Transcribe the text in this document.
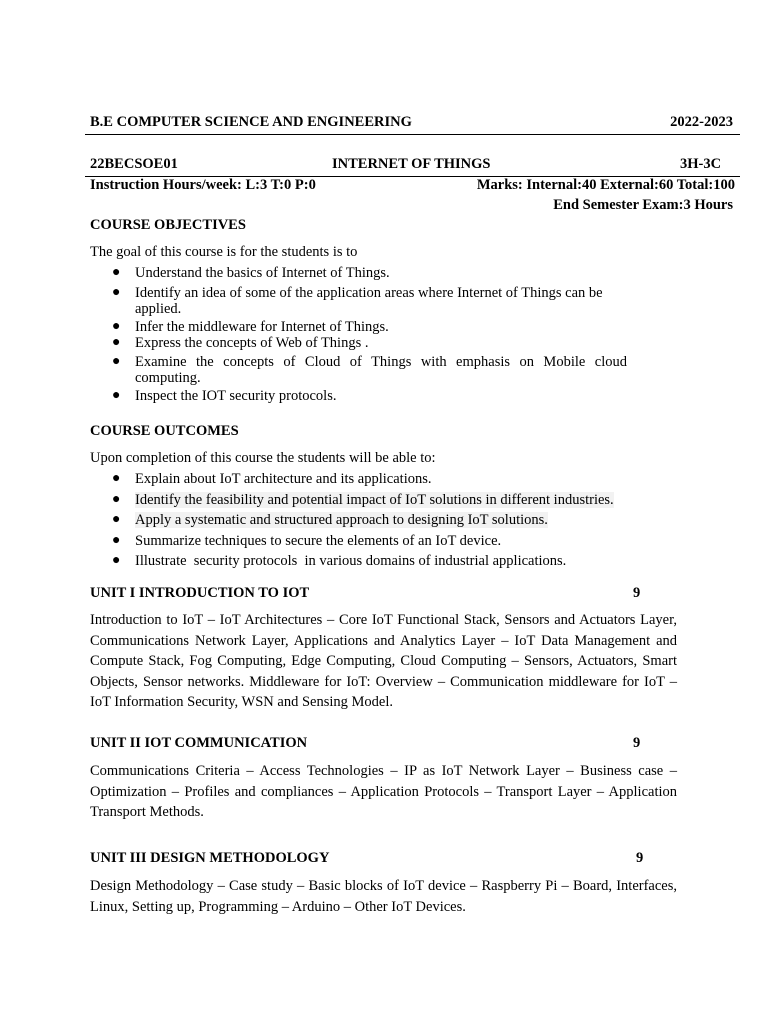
B.E COMPUTER SCIENCE AND ENGINEERING	2022-2023
22BECSOE01	INTERNET OF THINGS	3H-3C
Instruction Hours/week: L:3 T:0 P:0	Marks: Internal:40 External:60 Total:100
End Semester Exam:3 Hours
COURSE OBJECTIVES
The goal of this course is for the students is to
● Understand the basics of Internet of Things.
● Identify an idea of some of the application areas where Internet of Things can be applied.
● Infer the middleware for Internet of Things.
● Express the concepts of Web of Things .
● Examine the concepts of Cloud of Things with emphasis on Mobile cloud computing.
● Inspect the IOT security protocols.
COURSE OUTCOMES
Upon completion of this course the students will be able to:
● Explain about IoT architecture and its applications.
● Identify the feasibility and potential impact of IoT solutions in different industries.
● Apply a systematic and structured approach to designing IoT solutions.
● Summarize techniques to secure the elements of an IoT device.
● Illustrate  security protocols  in various domains of industrial applications.
UNIT I INTRODUCTION TO IOT	9
Introduction to IoT – IoT Architectures – Core IoT Functional Stack, Sensors and Actuators Layer, Communications Network Layer, Applications and Analytics Layer – IoT Data Management and Compute Stack, Fog Computing, Edge Computing, Cloud Computing – Sensors, Actuators, Smart Objects, Sensor networks. Middleware for IoT: Overview – Communication middleware for IoT –IoT Information Security, WSN and Sensing Model.
UNIT II IOT COMMUNICATION	9
Communications Criteria – Access Technologies – IP as IoT Network Layer – Business case – Optimization – Profiles and compliances – Application Protocols – Transport Layer – Application Transport Methods.
UNIT III DESIGN METHODOLOGY	9
Design Methodology – Case study – Basic blocks of IoT device – Raspberry Pi – Board, Interfaces, Linux, Setting up, Programming – Arduino – Other IoT Devices.
